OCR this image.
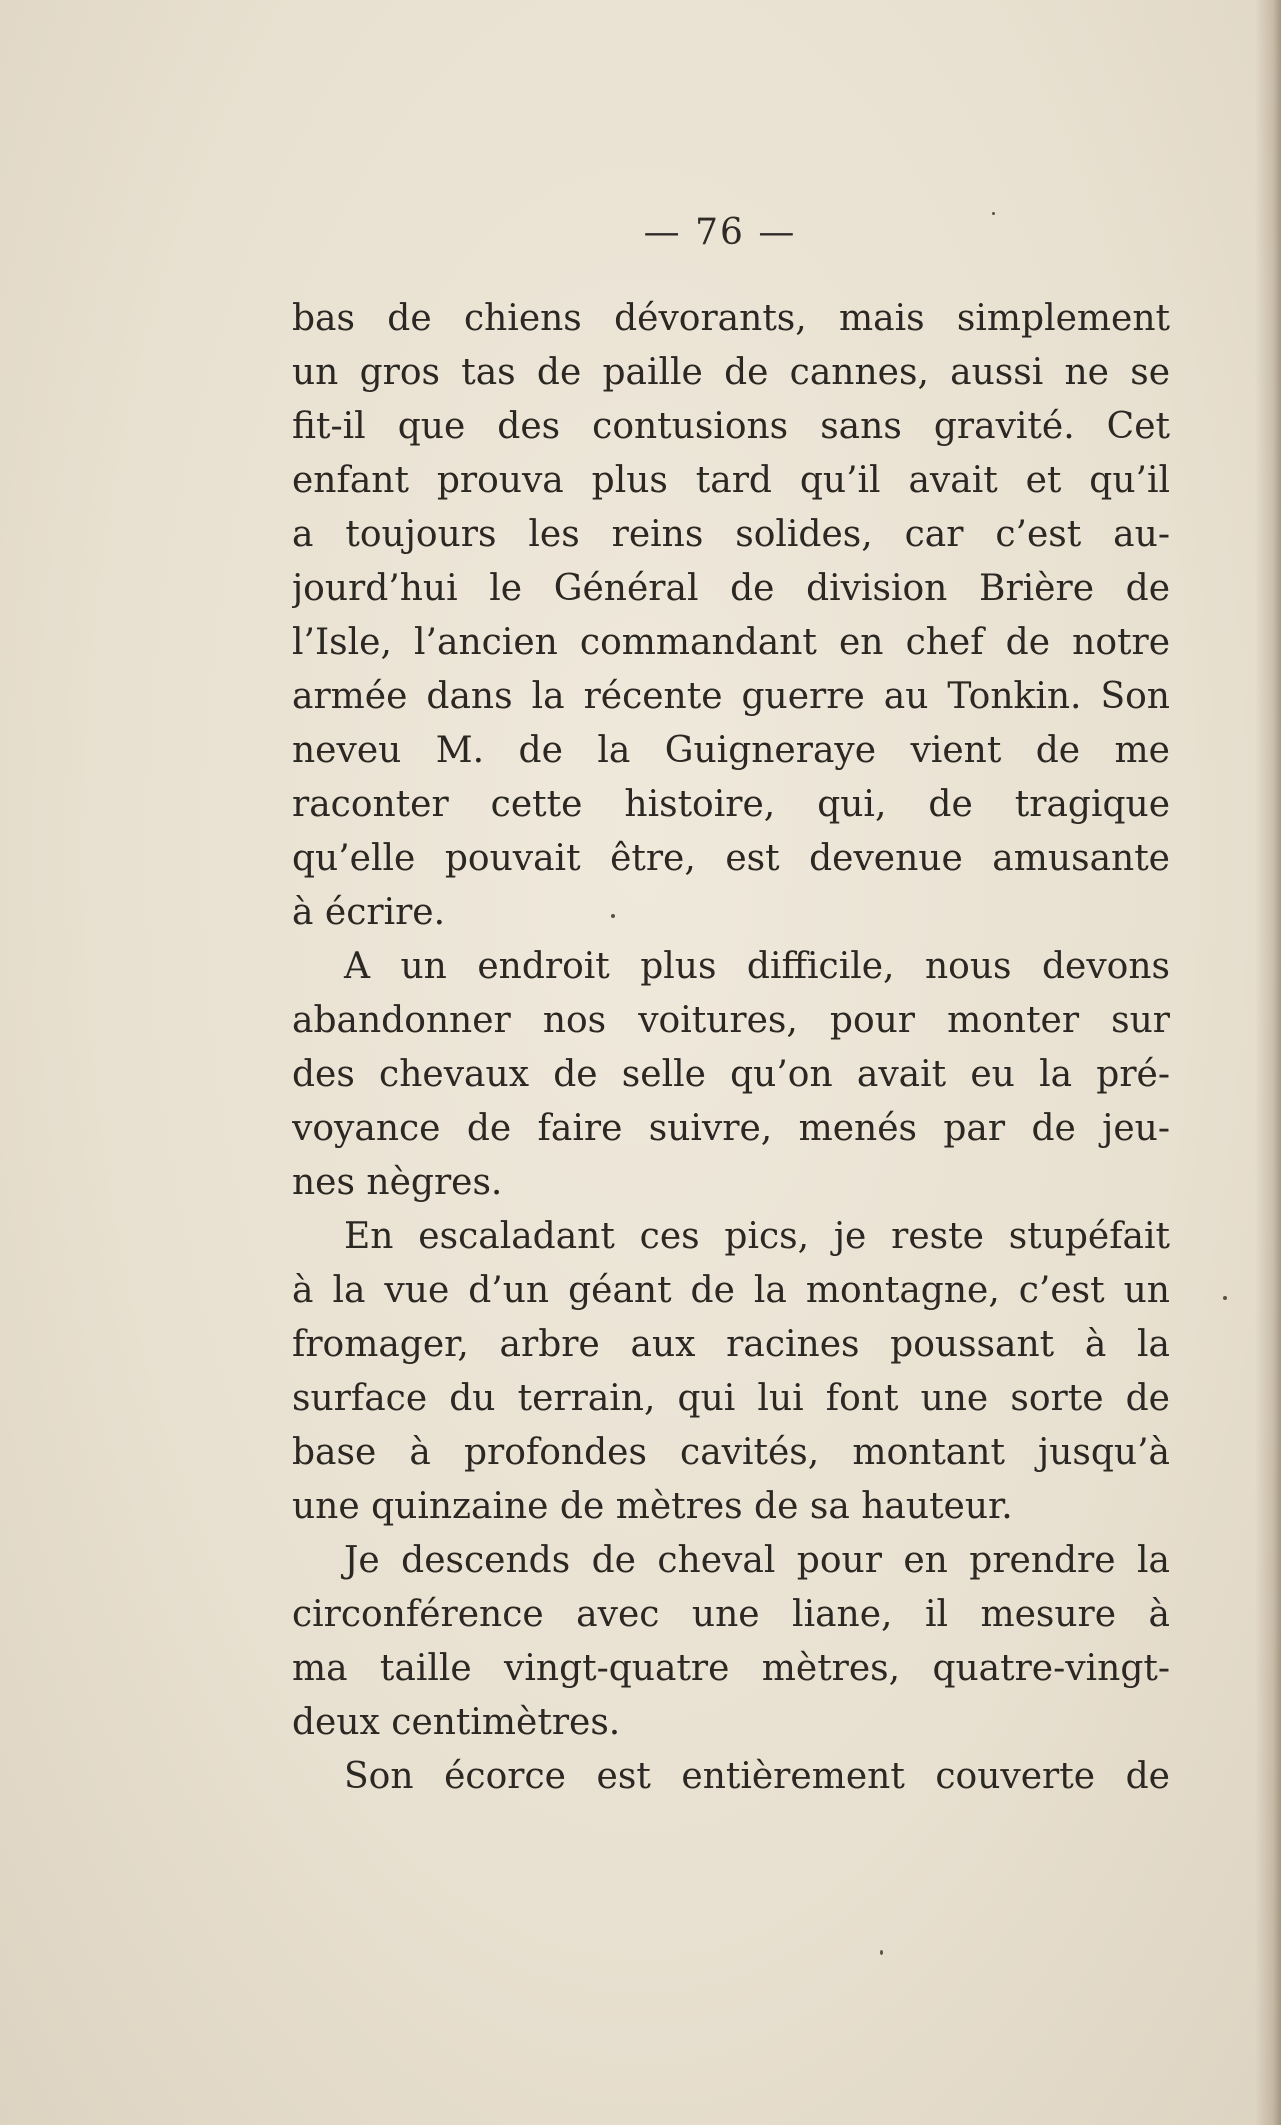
— 76 —
bas de chiens dévorants, mais simplement
un gros tas de paille de cannes, aussi ne se
fit-il que des contusions sans gravité. Cet
enfant prouva plus tard qu’il avait et qu’il
a toujours les reins solides, car c’est au-
jourd’hui le Général de division Brière de
l’Isle, l’ancien commandant en chef de notre
armée dans la récente guerre au Tonkin. Son
neveu M. de la Guigneraye vient de me
raconter cette histoire, qui, de tragique
qu’elle pouvait être, est devenue amusante
à écrire.
A un endroit plus difficile, nous devons
abandonner nos voitures, pour monter sur
des chevaux de selle qu’on avait eu la pré-
voyance de faire suivre, menés par de jeu-
nes nègres.
En escaladant ces pics, je reste stupéfait
à la vue d’un géant de la montagne, c’est un
fromager, arbre aux racines poussant à la
surface du terrain, qui lui font une sorte de
base à profondes cavités, montant jusqu’à
une quinzaine de mètres de sa hauteur.
Je descends de cheval pour en prendre la
circonférence avec une liane, il mesure à
ma taille vingt-quatre mètres, quatre-vingt-
deux centimètres.
Son écorce est entièrement couverte de
